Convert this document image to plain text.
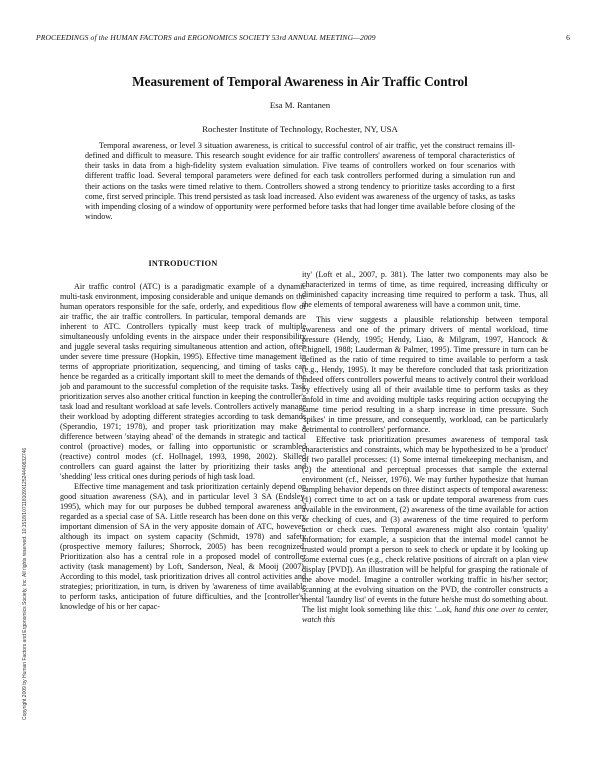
PROCEEDINGS of the HUMAN FACTORS and ERGONOMICS SOCIETY 53rd ANNUAL MEETING—2009	6
Measurement of Temporal Awareness in Air Traffic Control
Esa M. Rantanen
Rochester Institute of Technology, Rochester, NY, USA

Temporal awareness, or level 3 situation awareness, is critical to successful control of air traffic, yet the construct remains ill-defined and difficult to measure. This research sought evidence for air traffic controllers' awareness of temporal characteristics of their tasks in data from a high-fidelity system evaluation simulation. Five teams of controllers worked on four scenarios with different traffic load. Several temporal parameters were defined for each task controllers performed during a simulation run and their actions on the tasks were timed relative to them. Controllers showed a strong tendency to prioritize tasks according to a first come, first served principle. This trend persisted as task load increased. Also evident was awareness of the urgency of tasks, as tasks with impending closing of a window of opportunity were performed before tasks that had longer time available before closing of the window.

Copyright 2009 by Human Factors and Ergonomics Society, Inc. All rights reserved. 10.1518/107118109X12524440832746
INTRODUCTION

Air traffic control (ATC) is a paradigmatic example of a dynamic multi-task environment, imposing considerable and unique demands on the human operators responsible for the safe, orderly, and expeditious flow of air traffic, the air traffic controllers. In particular, temporal demands are inherent to ATC. Controllers typically must keep track of multiple simultaneously unfolding events in the airspace under their responsibility and juggle several tasks requiring simultaneous attention and action, often under severe time pressure (Hopkin, 1995). Effective time management in terms of appropriate prioritization, sequencing, and timing of tasks can hence be regarded as a critically important skill to meet the demands of the job and paramount to the successful completion of the requisite tasks. Task prioritization serves also another critical function in keeping the controller's task load and resultant workload at safe levels. Controllers actively manage their workload by adopting different strategies according to task demands (Sperandio, 1971; 1978), and proper task prioritization may make a difference between 'staying ahead' of the demands in strategic and tactical control (proactive) modes, or falling into opportunistic or scrambled (reactive) control modes (cf. Hollnagel, 1993, 1998, 2002). Skilled controllers can guard against the latter by prioritizing their tasks and 'shedding' less critical ones during periods of high task load.

Effective time management and task prioritization certainly depend on good situation awareness (SA), and in particular level 3 SA (Endsley, 1995), which may for our purposes be dubbed temporal awareness and regarded as a special case of SA. Little research has been done on this very important dimension of SA in the very apposite domain of ATC, however, although its impact on system capacity (Schmidt, 1978) and safety (prospective memory failures; Shorrock, 2005) has been recognized. Prioritization also has a central role in a proposed model of controller activity (task management) by Loft, Sanderson, Neal, & Mooij (2007). According to this model, task prioritization drives all control activities and strategies; prioritization, in turn, is driven by 'awareness of time available to perform tasks, anticipation of future difficulties, and the [controller's] knowledge of his or her capac-

ity' (Loft et al., 2007, p. 381). The latter two components may also be characterized in terms of time, as time required, increasing difficulty or diminished capacity increasing time required to perform a task. Thus, all the elements of temporal awareness will have a common unit, time.

This view suggests a plausible relationship between temporal awareness and one of the primary drivers of mental workload, time pressure (Hendy, 1995; Hendy, Liao, & Milgram, 1997, Hancock & Chignell, 1988; Lauderman & Palmer, 1995). Time pressure in turn can be defined as the ratio of time required to time available to perform a task (e.g., Hendy, 1995). It may be therefore concluded that task prioritization indeed offers controllers powerful means to actively control their workload by effectively using all of their available time to perform tasks as they unfold in time and avoiding multiple tasks requiring action occupying the same time period resulting in a sharp increase in time pressure. Such 'spikes' in time pressure, and consequently, workload, can be particularly detrimental to controllers' performance.

Effective task prioritization presumes awareness of temporal task characteristics and constraints, which may be hypothesized to be a 'product' of two parallel processes: (1) Some internal timekeeping mechanism, and (2) the attentional and perceptual processes that sample the external environment (cf., Neisser, 1976). We may further hypothesize that human sampling behavior depends on three distinct aspects of temporal awareness: (1) correct time to act on a task or update temporal awareness from cues available in the environment, (2) awareness of the time available for action or checking of cues, and (3) awareness of the time required to perform action or check cues. Temporal awareness might also contain 'quality' information; for example, a suspicion that the internal model cannot be trusted would prompt a person to seek to check or update it by looking up some external cues (e.g., check relative positions of aircraft on a plan view display [PVD]). An illustration will be helpful for grasping the rationale of the above model. Imagine a controller working traffic in his/her sector; scanning at the evolving situation on the PVD, the controller constructs a mental 'laundry list' of events in the future he/she must do something about. The list might look something like this: '...ok, hand this one over to center, watch this
